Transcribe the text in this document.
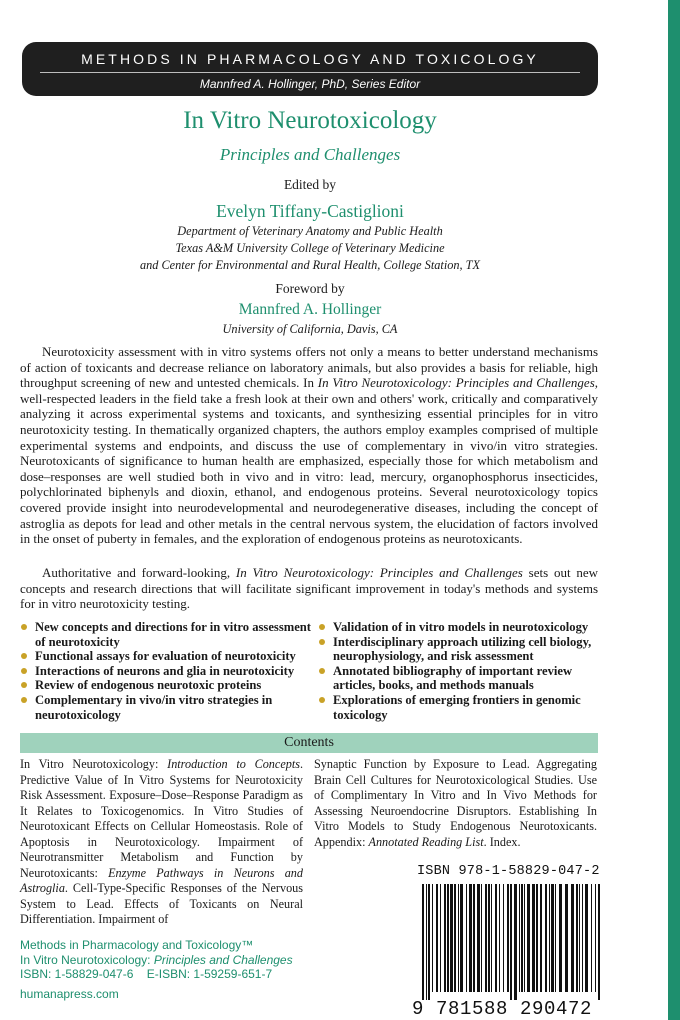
METHODS IN PHARMACOLOGY AND TOXICOLOGY
Mannfred A. Hollinger, PhD, Series Editor
In Vitro Neurotoxicology
Principles and Challenges
Edited by
Evelyn Tiffany-Castiglioni
Department of Veterinary Anatomy and Public Health
Texas A&M University College of Veterinary Medicine
and Center for Environmental and Rural Health, College Station, TX
Foreword by
Mannfred A. Hollinger
University of California, Davis, CA

Neurotoxicity assessment with in vitro systems offers not only a means to better understand mechanisms of action of toxicants and decrease reliance on laboratory animals, but also provides a basis for reliable, high throughput screening of new and untested chemicals. In In Vitro Neurotoxicology: Principles and Challenges, well-respected leaders in the field take a fresh look at their own and others' work, critically and comparatively analyzing it across experimental systems and toxicants, and synthesizing essential principles for in vitro neurotoxicity testing. In thematically organized chapters, the authors employ examples comprised of multiple experimental systems and endpoints, and discuss the use of complementary in vivo/in vitro strategies. Neurotoxicants of significance to human health are emphasized, especially those for which metabolism and dose–responses are well studied both in vivo and in vitro: lead, mercury, organophosphorus insecticides, polychlorinated biphenyls and dioxin, ethanol, and endogenous proteins. Several neurotoxicology topics covered provide insight into neurodevelopmental and neurodegenerative diseases, including the concept of astroglia as depots for lead and other metals in the central nervous system, the elucidation of factors involved in the onset of puberty in females, and the exploration of endogenous proteins as neurotoxicants.

Authoritative and forward-looking, In Vitro Neurotoxicology: Principles and Challenges sets out new concepts and research directions that will facilitate significant improvement in today's methods and systems for in vitro neurotoxicity testing.

New concepts and directions for in vitro assessment of neurotoxicity
Functional assays for evaluation of neurotoxicity
Interactions of neurons and glia in neurotoxicity
Review of endogenous neurotoxic proteins
Complementary in vivo/in vitro strategies in neurotoxicology
Validation of in vitro models in neurotoxicology
Interdisciplinary approach utilizing cell biology, neurophysiology, and risk assessment
Annotated bibliography of important review articles, books, and methods manuals
Explorations of emerging frontiers in genomic toxicology
Contents

In Vitro Neurotoxicology: Introduction to Concepts. Predictive Value of In Vitro Systems for Neurotoxicity Risk Assessment. Exposure–Dose–Response Paradigm as It Relates to Toxicogenomics. In Vitro Studies of Neurotoxicant Effects on Cellular Homeostasis. Role of Apoptosis in Neurotoxicology. Impairment of Neurotransmitter Metabolism and Function by Neurotoxicants: Enzyme Pathways in Neurons and Astroglia. Cell-Type-Specific Responses of the Nervous System to Lead. Effects of Toxicants on Neural Differentiation. Impairment of

Synaptic Function by Exposure to Lead. Aggregating Brain Cell Cultures for Neurotoxicological Studies. Use of Complimentary In Vitro and In Vivo Methods for Assessing Neuroendocrine Disruptors. Establishing In Vitro Models to Study Endogenous Neurotoxicants. Appendix: Annotated Reading List. Index.

ISBN 978-1-58829-047-2
9 781588 290472
Methods in Pharmacology and Toxicology™
In Vitro Neurotoxicology: Principles and Challenges
ISBN: 1-58829-047-6    E-ISBN: 1-59259-651-7
humanapress.com
